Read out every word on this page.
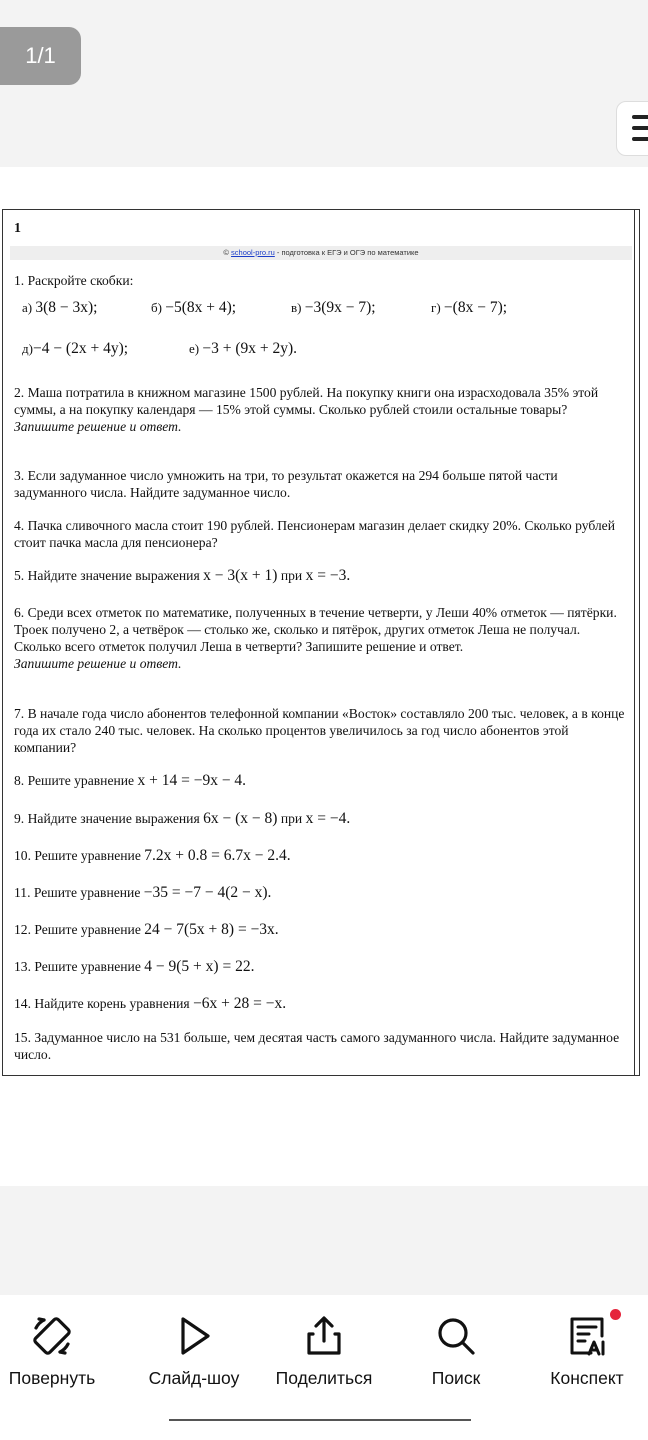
1/1
1
© school-pro.ru - подготовка к ЕГЭ и ОГЭ по математике
1. Раскройте скобки:
а) 3(8 − 3x);	б) −5(8x + 4);	в) −3(9x − 7);	г) −(8x − 7);
д)−4 − (2x + 4y);	е) −3 + (9x + 2y).
2. Маша потратила в книжном магазине 1500 рублей. На покупку книги она израсходовала 35% этой суммы, а на покупку календаря — 15% этой суммы. Сколько рублей стоили остальные товары?
Запишите решение и ответ.
3. Если задуманное число умножить на три, то результат окажется на 294 больше пятой части задуманного числа. Найдите задуманное число.
4. Пачка сливочного масла стоит 190 рублей. Пенсионерам магазин делает скидку 20%. Сколько рублей стоит пачка масла для пенсионера?
5. Найдите значение выражения x − 3(x + 1) при x = −3.
6. Среди всех отметок по математике, полученных в течение четверти, у Леши 40% отметок — пятёрки. Троек получено 2, а четвёрок — столько же, сколько и пятёрок, других отметок Леша не получал. Сколько всего отметок получил Леша в четверти? Запишите решение и ответ.
Запишите решение и ответ.
7. В начале года число абонентов телефонной компании «Восток» составляло 200 тыс. человек, а в конце года их стало 240 тыс. человек. На сколько процентов увеличилось за год число абонентов этой компании?
8. Решите уравнение x + 14 = −9x − 4.
9. Найдите значение выражения 6x − (x − 8) при x = −4.
10. Решите уравнение 7.2x + 0.8 = 6.7x − 2.4.
11. Решите уравнение −35 = −7 − 4(2 − x).
12. Решите уравнение 24 − 7(5x + 8) = −3x.
13. Решите уравнение 4 − 9(5 + x) = 22.
14. Найдите корень уравнения −6x + 28 = −x.
15. Задуманное число на 531 больше, чем десятая часть самого задуманного числа. Найдите задуманное число.
Повернуть	Слайд-шоу	Поделиться	Поиск	Конспект
